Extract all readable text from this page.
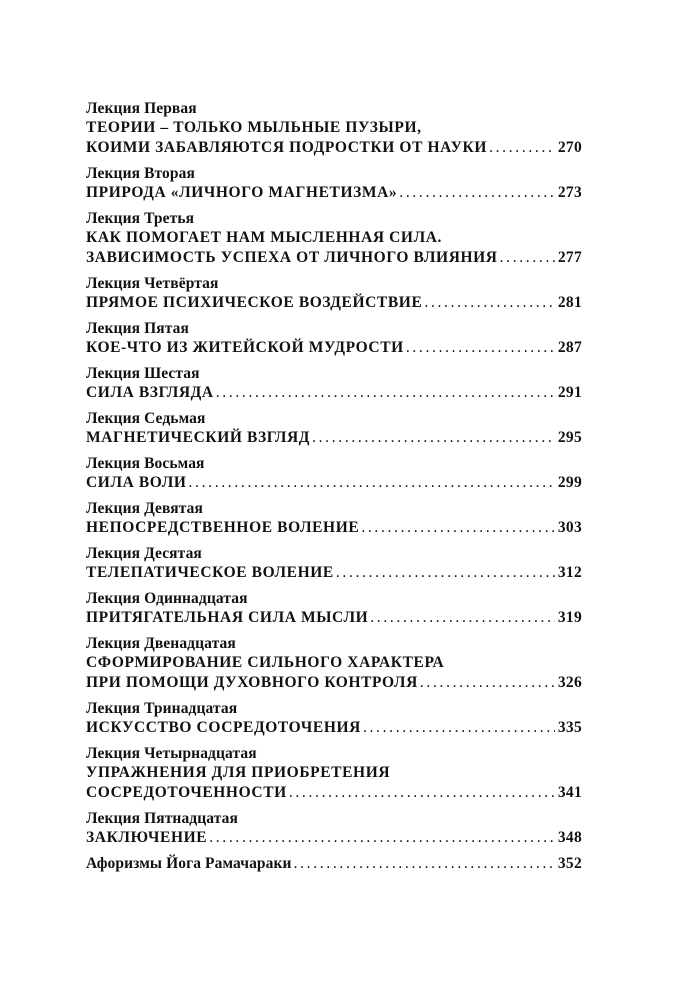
Лекция Первая
ТЕОРИИ – ТОЛЬКО МЫЛЬНЫЕ ПУЗЫРИ,
КОИМИ ЗАБАВЛЯЮТСЯ ПОДРОСТКИ ОТ НАУКИ . . .	270
Лекция Вторая
ПРИРОДА «ЛИЧНОГО МАГНЕТИЗМА» . . .	273
Лекция Третья
КАК ПОМОГАЕТ НАМ МЫСЛЕННАЯ СИЛА.
ЗАВИСИМОСТЬ УСПЕХА ОТ ЛИЧНОГО ВЛИЯНИЯ . . .	277
Лекция Четвёртая
ПРЯМОЕ ПСИХИЧЕСКОЕ ВОЗДЕЙСТВИЕ . . .	281
Лекция Пятая
КОЕ-ЧТО ИЗ ЖИТЕЙСКОЙ МУДРОСТИ . . .	287
Лекция Шестая
СИЛА ВЗГЛЯДА . . .	291
Лекция Седьмая
МАГНЕТИЧЕСКИЙ ВЗГЛЯД . . .	295
Лекция Восьмая
СИЛА ВОЛИ . . .	299
Лекция Девятая
НЕПОСРЕДСТВЕННОЕ ВОЛЕНИЕ . . .	303
Лекция Десятая
ТЕЛЕПАТИЧЕСКОЕ ВОЛЕНИЕ . . .	312
Лекция Одиннадцатая
ПРИТЯГАТЕЛЬНАЯ СИЛА МЫСЛИ . . .	319
Лекция Двенадцатая
СФОРМИРОВАНИЕ СИЛЬНОГО ХАРАКТЕРА
ПРИ ПОМОЩИ ДУХОВНОГО КОНТРОЛЯ . . .	326
Лекция Тринадцатая
ИСКУССТВО СОСРЕДОТОЧЕНИЯ . . .	335
Лекция Четырнадцатая
УПРАЖНЕНИЯ ДЛЯ ПРИОБРЕТЕНИЯ
СОСРЕДОТОЧЕННОСТИ . . .	341
Лекция Пятнадцатая
ЗАКЛЮЧЕНИЕ . . .	348
Афоризмы Йога Рамачараки . . .	352
